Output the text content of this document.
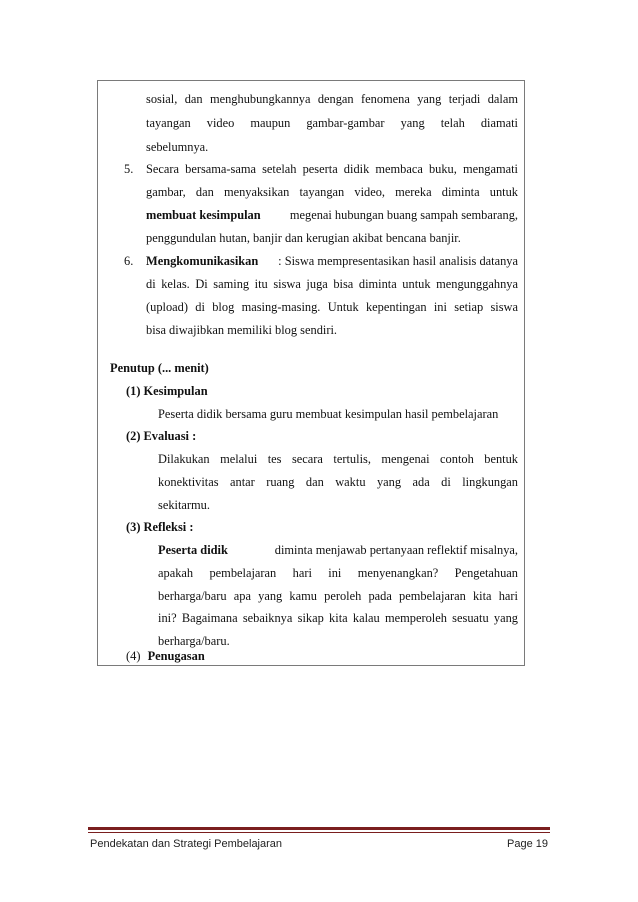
sosial, dan menghubungkannya dengan fenomena yang terjadi dalam
tayangan video maupun gambar-gambar yang telah diamati
sebelumnya.
5. Secara bersama-sama setelah peserta didik membaca buku, mengamati
gambar, dan menyaksikan tayangan video, mereka diminta untuk
membuat kesimpulan megenai hubungan buang sampah sembarang,
penggundulan hutan, banjir dan kerugian akibat bencana banjir.
6. Mengkomunikasikan : Siswa mempresentasikan hasil analisis datanya
di kelas. Di saming itu siswa juga bisa diminta untuk mengunggahnya
(upload) di blog masing-masing. Untuk kepentingan ini setiap siswa
bisa diwajibkan memiliki blog sendiri.
Penutup (... menit)
(1) Kesimpulan
Peserta didik bersama guru membuat kesimpulan hasil pembelajaran
(2) Evaluasi :
Dilakukan melalui tes secara tertulis, mengenai contoh bentuk
konektivitas antar ruang dan waktu yang ada di lingkungan
sekitarmu.
(3) Refleksi :
Peserta didik	diminta menjawab pertanyaan reflektif misalnya,
apakah pembelajaran hari ini menyenangkan? Pengetahuan
berharga/baru apa yang kamu peroleh pada pembelajaran kita hari
ini? Bagaimana sebaiknya sikap kita kalau memperoleh sesuatu yang
berharga/baru.
(4) Penugasan
Pendekatan dan Strategi Pembelajaran	Page 19
